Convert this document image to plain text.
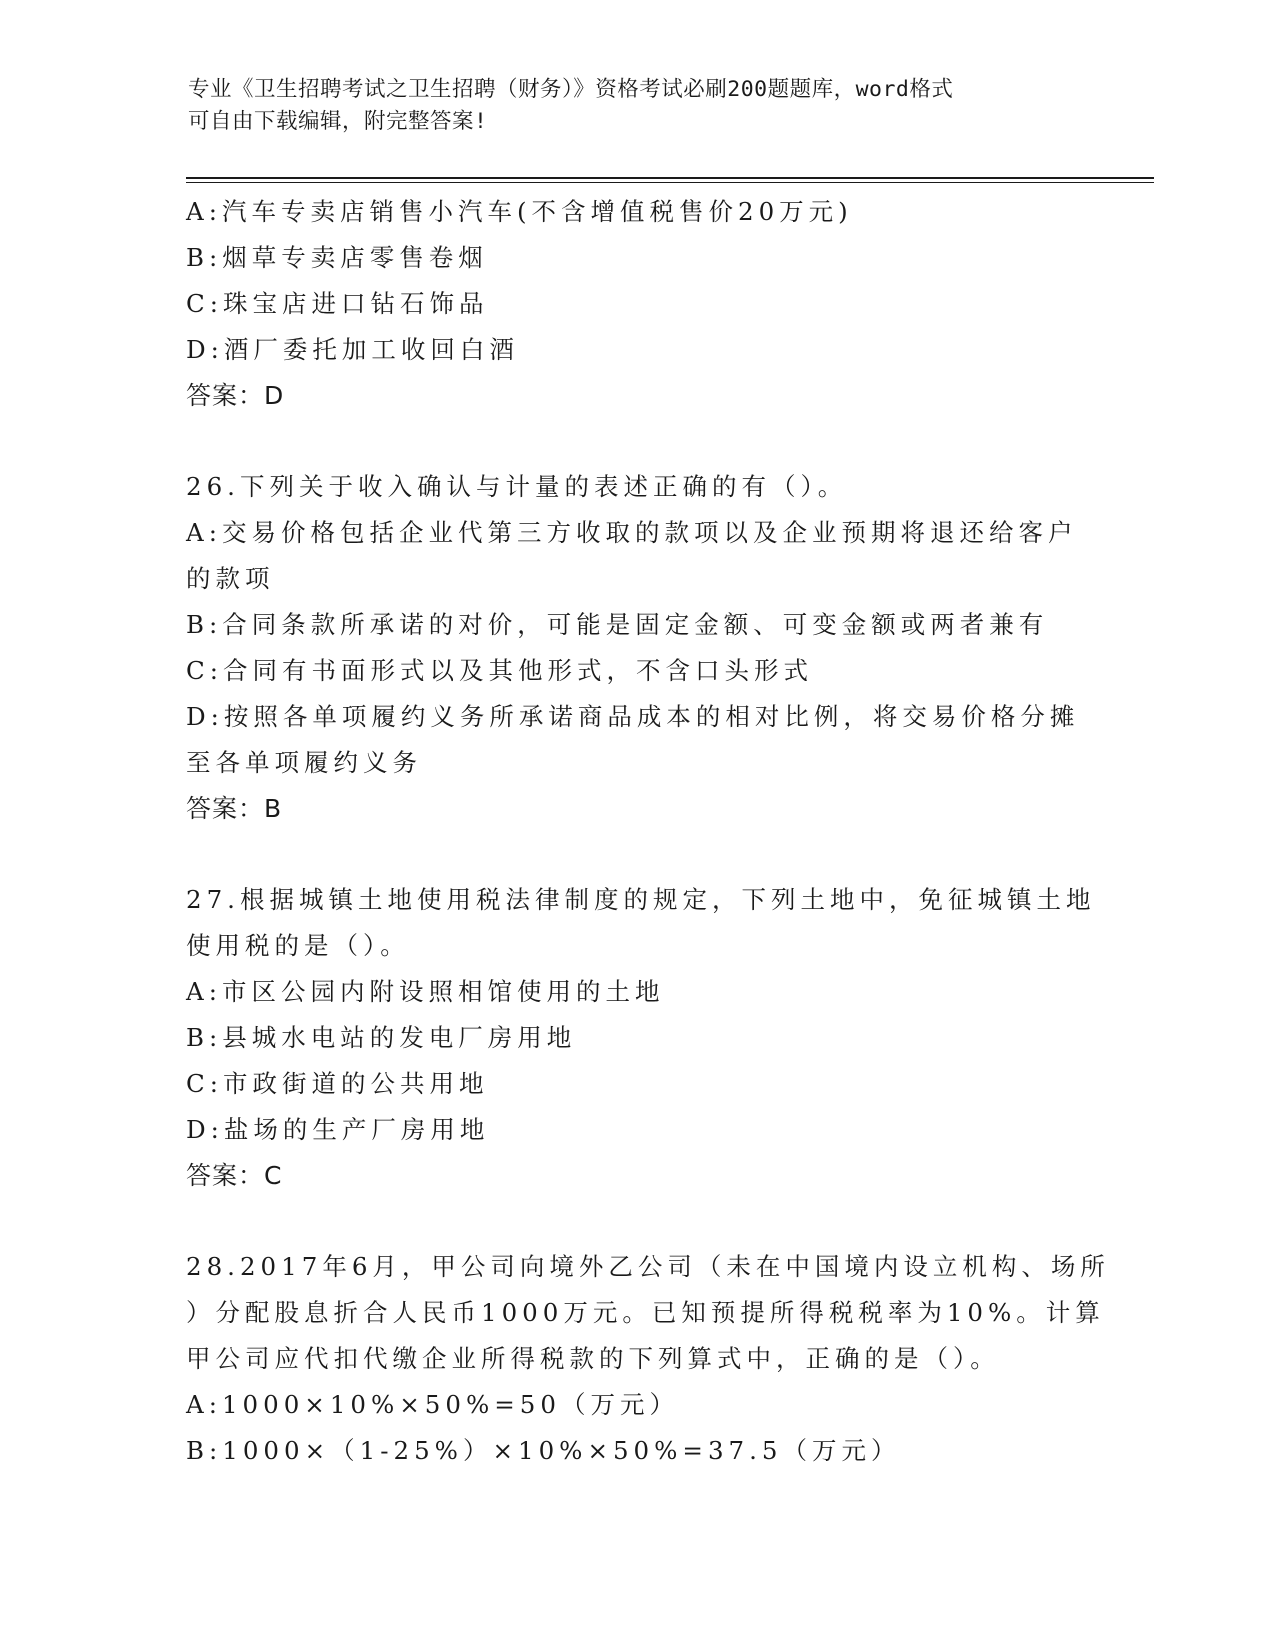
专业《卫生招聘考试之卫生招聘（财务）》资格考试必刷200题题库，word格式
可自由下载编辑，附完整答案!
A:汽车专卖店销售小汽车(不含增值税售价20万元)
B:烟草专卖店零售卷烟
C:珠宝店进口钻石饰品
D:酒厂委托加工收回白酒
答案：D
26.下列关于收入确认与计量的表述正确的有（）。
A:交易价格包括企业代第三方收取的款项以及企业预期将退还给客户
的款项
B:合同条款所承诺的对价，可能是固定金额、可变金额或两者兼有
C:合同有书面形式以及其他形式，不含口头形式
D:按照各单项履约义务所承诺商品成本的相对比例，将交易价格分摊
至各单项履约义务
答案：B
27.根据城镇土地使用税法律制度的规定，下列土地中，免征城镇土地
使用税的是（）。
A:市区公园内附设照相馆使用的土地
B:县城水电站的发电厂房用地
C:市政街道的公共用地
D:盐场的生产厂房用地
答案：C
28.2017年6月，甲公司向境外乙公司（未在中国境内设立机构、场所
）分配股息折合人民币1000万元。已知预提所得税税率为10%。计算
甲公司应代扣代缴企业所得税款的下列算式中，正确的是（）。
A:1000×10%×50%=50（万元）
B:1000×（1-25%）×10%×50%=37.5（万元）
